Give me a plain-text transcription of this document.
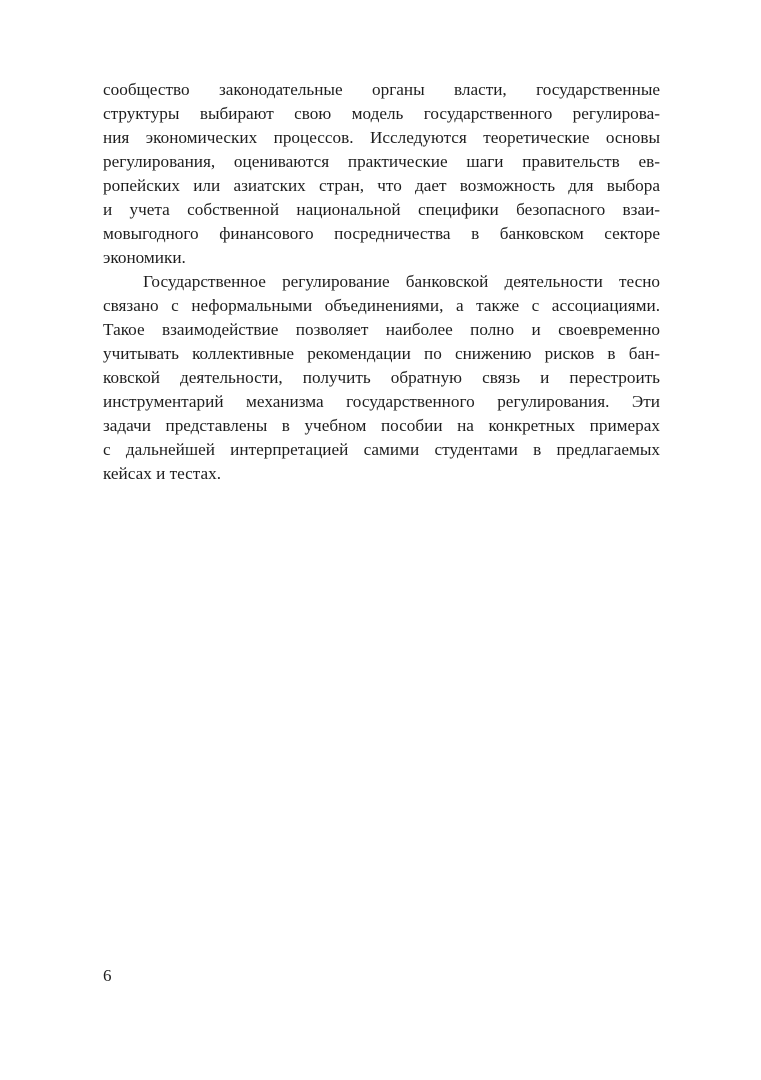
сообщество законодательные органы власти, государственные
структуры выбирают свою модель государственного регулирова-
ния экономических процессов. Исследуются теоретические основы
регулирования, оцениваются практические шаги правительств ев-
ропейских или азиатских стран, что дает возможность для выбора
и учета собственной национальной специфики безопасного взаи-
мовыгодного финансового посредничества в банковском секторе
экономики.
Государственное регулирование банковской деятельности тесно
связано с неформальными объединениями, а также с ассоциациями.
Такое взаимодействие позволяет наиболее полно и своевременно
учитывать коллективные рекомендации по снижению рисков в бан-
ковской деятельности, получить обратную связь и перестроить
инструментарий механизма государственного регулирования. Эти
задачи представлены в учебном пособии на конкретных примерах
с дальнейшей интерпретацией самими студентами в предлагаемых
кейсах и тестах.
6
